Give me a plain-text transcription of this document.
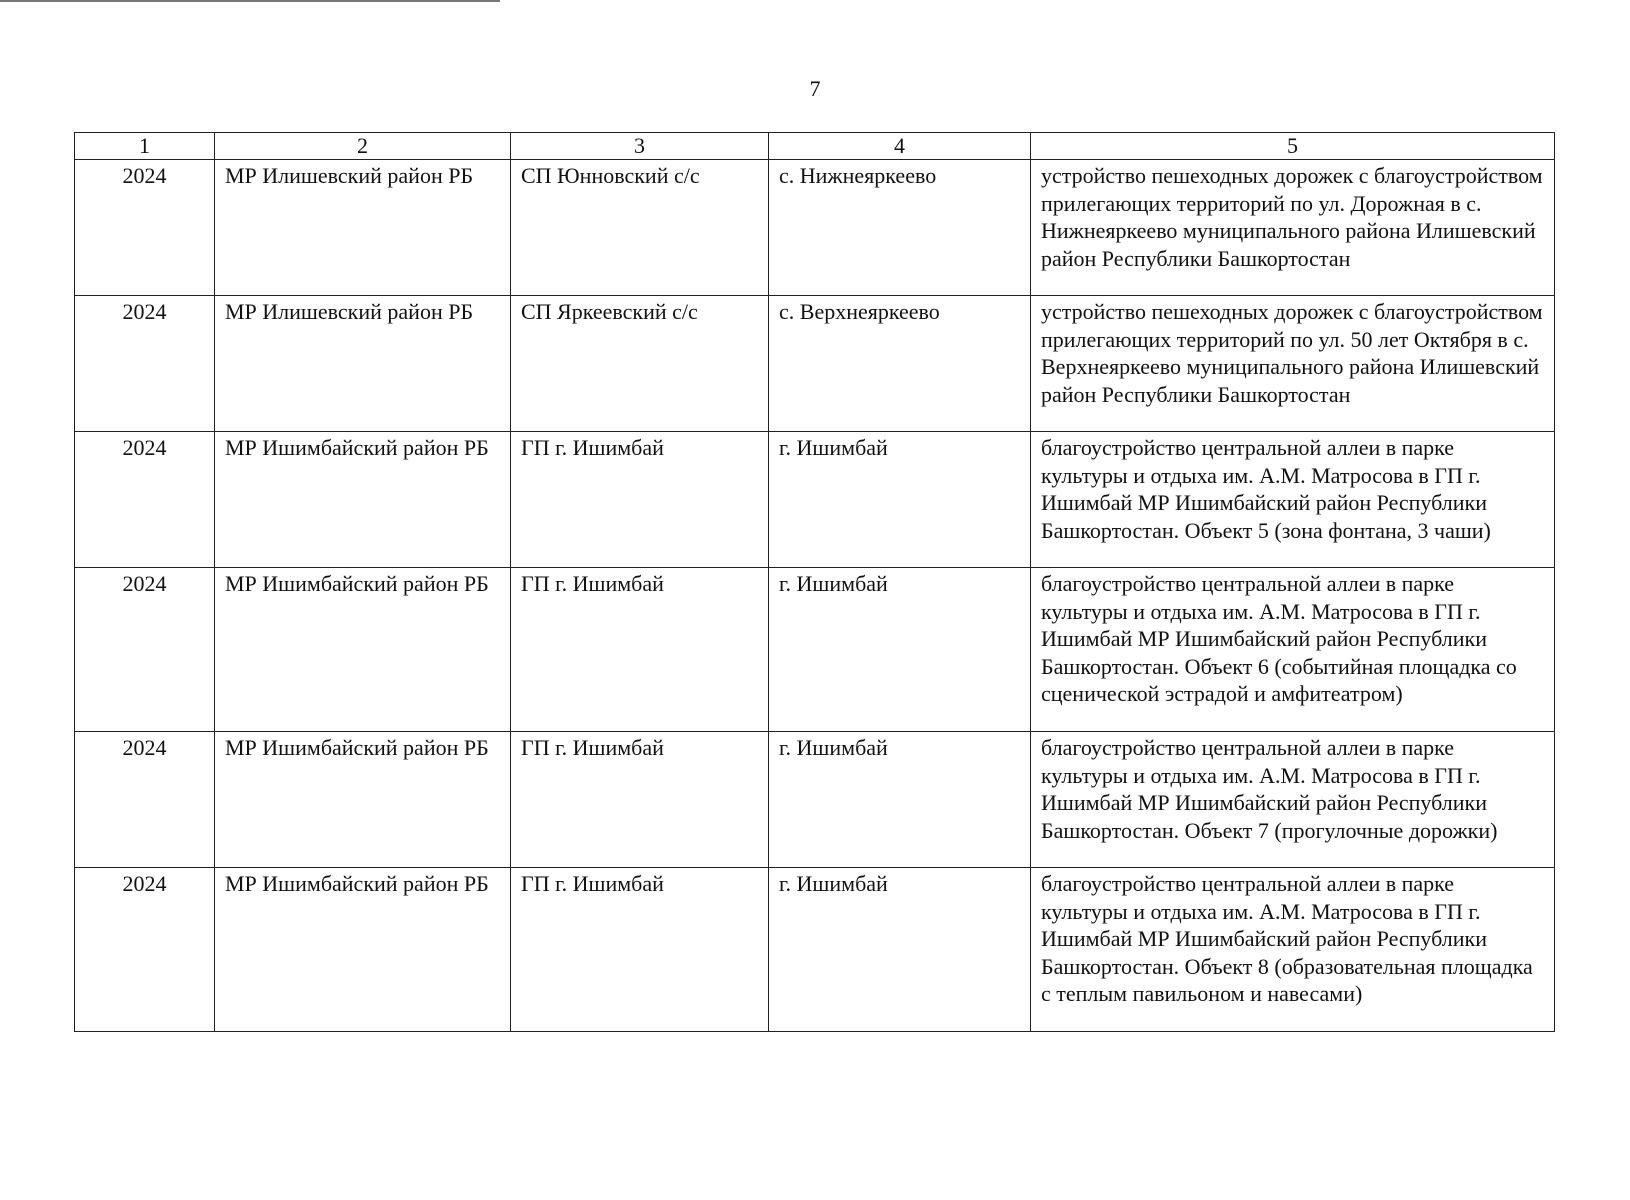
7
1	2	3	4	5
2024	МР Илишевский район РБ	СП Юнновский с/с	с. Нижнеяркеево	устройство пешеходных дорожек с благоустройством прилегающих территорий по ул. Дорожная в с. Нижнеяркеево муниципального района Илишевский район Республики Башкортостан
2024	МР Илишевский район РБ	СП Яркеевский с/с	с. Верхнеяркеево	устройство пешеходных дорожек с благоустройством прилегающих территорий по ул. 50 лет Октября в с. Верхнеяркеево муниципального района Илишевский район Республики Башкортостан
2024	МР Ишимбайский район РБ	ГП г. Ишимбай	г. Ишимбай	благоустройство центральной аллеи в парке культуры и отдыха им. А.М. Матросова в ГП г. Ишимбай МР Ишимбайский район Республики Башкортостан. Объект 5 (зона фонтана, 3 чаши)
2024	МР Ишимбайский район РБ	ГП г. Ишимбай	г. Ишимбай	благоустройство центральной аллеи в парке культуры и отдыха им. А.М. Матросова в ГП г. Ишимбай МР Ишимбайский район Республики Башкортостан. Объект 6 (событийная площадка со сценической эстрадой и амфитеатром)
2024	МР Ишимбайский район РБ	ГП г. Ишимбай	г. Ишимбай	благоустройство центральной аллеи в парке культуры и отдыха им. А.М. Матросова в ГП г. Ишимбай МР Ишимбайский район Республики Башкортостан. Объект 7 (прогулочные дорожки)
2024	МР Ишимбайский район РБ	ГП г. Ишимбай	г. Ишимбай	благоустройство центральной аллеи в парке культуры и отдыха им. А.М. Матросова в ГП г. Ишимбай МР Ишимбайский район Республики Башкортостан. Объект 8 (образовательная площадка с теплым павильоном и навесами)
